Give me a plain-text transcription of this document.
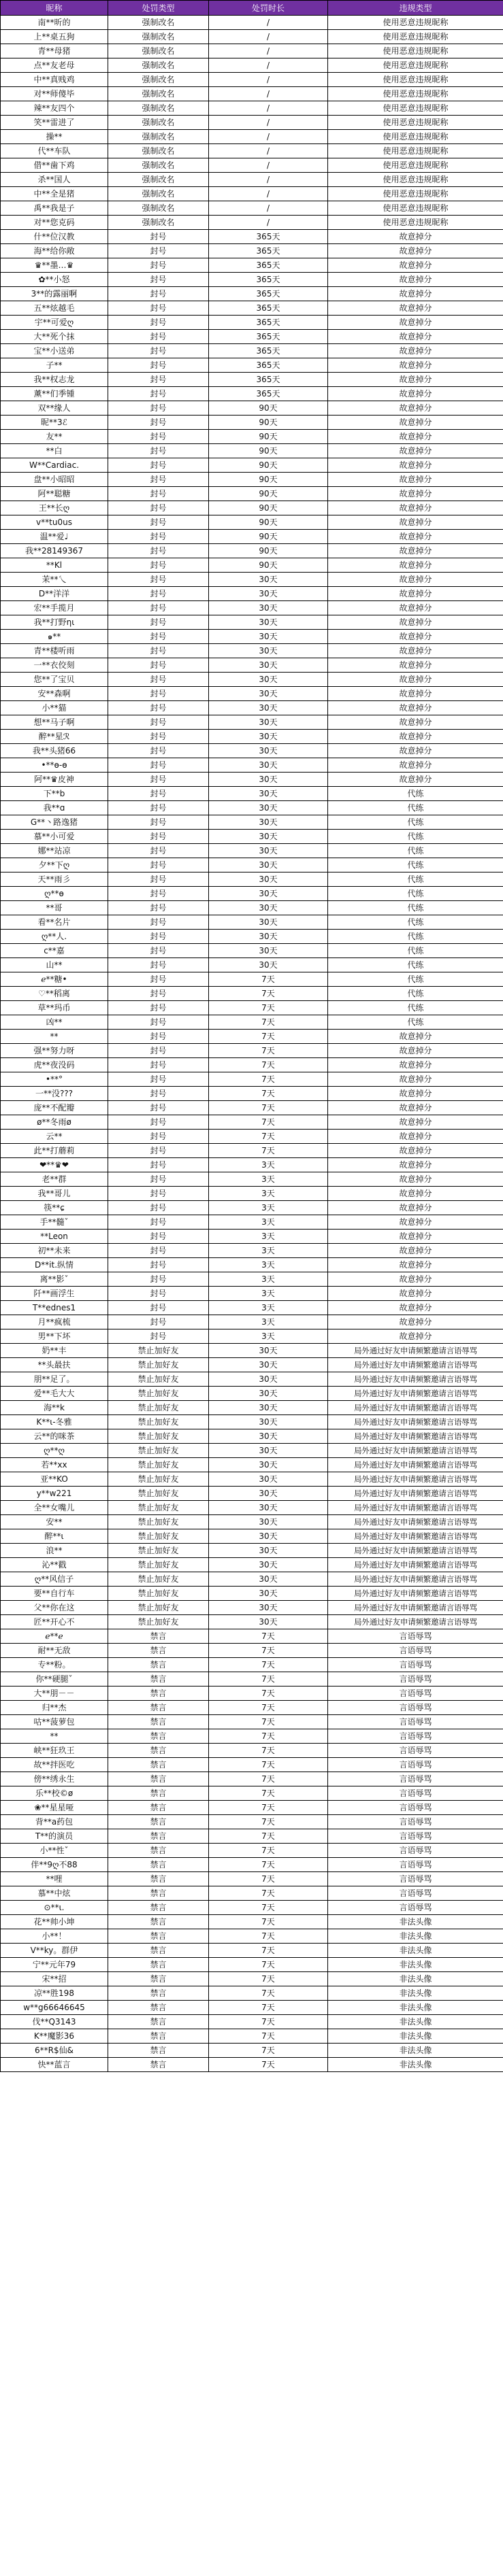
昵称	处罚类型	处罚时长	违规类型
南**昕的	强制改名	/	使用恶意违规昵称
上**桌五狗	强制改名	/	使用恶意违规昵称
青**母猪	强制改名	/	使用恶意违规昵称
点**友老母	强制改名	/	使用恶意违规昵称
中**真贱鸡	强制改名	/	使用恶意违规昵称
对**师傻毕	强制改名	/	使用恶意违规昵称
辣**友四个	强制改名	/	使用恶意违规昵称
笑**雷进了	强制改名	/	使用恶意违规昵称
操**	强制改名	/	使用恶意违规昵称
代**车队	强制改名	/	使用恶意违规昵称
借**歯下鸡	强制改名	/	使用恶意违规昵称
杀**国人	强制改名	/	使用恶意违规昵称
中**全是猪	强制改名	/	使用恶意违规昵称
禹**我是子	强制改名	/	使用恶意违规昵称
对**您克码	强制改名	/	使用恶意违规昵称
什**位汉教	封号	365天	故意掉分
海**给你敞	封号	365天	故意掉分
♛**墨…♛	封号	365天	故意掉分
✿**小怒	封号	365天	故意掉分
3**的露丽啊	封号	365天	故意掉分
五**炫越毛	封号	365天	故意掉分
宇**可爱ღ	封号	365天	故意掉分
大**死个抹	封号	365天	故意掉分
宝**小送弟	封号	365天	故意掉分
子**	封号	365天	故意掉分
我**权志龙	封号	365天	故意掉分
薰**们季锺	封号	365天	故意掉分
双**缘人	封号	90天	故意掉分
昵**3ℰ	封号	90天	故意掉分
友**	封号	90天	故意掉分
**白	封号	90天	故意掉分
W**Cardiac.	封号	90天	故意掉分
盘**小昭昭	封号	90天	故意掉分
阿**聪糖	封号	90天	故意掉分
王**长ღ	封号	90天	故意掉分
v**tu0us	封号	90天	故意掉分
温**爱♩	封号	90天	故意掉分
我**28149367	封号	90天	故意掉分
**Kl	封号	90天	故意掉分
茉**乀	封号	30天	故意掉分
D**洋洋	封号	30天	故意掉分
宏**手揽月	封号	30天	故意掉分
我**打野ηι	封号	30天	故意掉分
๑**	封号	30天	故意掉分
青**楼听雨	封号	30天	故意掉分
一**衣佼刻	封号	30天	故意掉分
您**了宝贝	封号	30天	故意掉分
安**森啊	封号	30天	故意掉分
小**猫	封号	30天	故意掉分
想**马子啊	封号	30天	故意掉分
醉**星ℛ	封号	30天	故意掉分
我**头猪66	封号	30天	故意掉分
•**ɵ-ɵ	封号	30天	故意掉分
阿**♛皮神	封号	30天	故意掉分
下**b	封号	30天	代练
我**ɑ	封号	30天	代练
G**丶路逸猪	封号	30天	代练
慕**小可爱	封号	30天	代练
娜**站凉	封号	30天	代练
夕**下ღ	封号	30天	代练
天**雨彡	封号	30天	代练
ღ**ɵ	封号	30天	代练
**哥	封号	30天	代练
看**名片	封号	30天	代练
ღ**人.	封号	30天	代练
c**嘉	封号	30天	代练
山**	封号	30天	代练
ℯ**糖•	封号	7天	代练
♡**稻离	封号	7天	代练
草**玛币	封号	7天	代练
凶**	封号	7天	代练
**	封号	7天	故意掉分
强**努力呀	封号	7天	故意掉分
虎**夜没码	封号	7天	故意掉分
•**°	封号	7天	故意掉分
一**没???	封号	7天	故意掉分
庞**不配瓣	封号	7天	故意掉分
ø**冬雨ø	封号	7天	故意掉分
云**	封号	7天	故意掉分
此**打蘑莉	封号	7天	故意掉分
❤**♛❤	封号	3天	故意掉分
老**群	封号	3天	故意掉分
我**哥儿	封号	3天	故意掉分
筷**ɕ	封号	3天	故意掉分
手**髓ˇ	封号	3天	故意掉分
**Leon	封号	3天	故意掉分
初**未来	封号	3天	故意掉分
D**it.纵情	封号	3天	故意掉分
离**影ˇ	封号	3天	故意掉分
阡**画浮生	封号	3天	故意掉分
T**ednes1	封号	3天	故意掉分
月**疯梳	封号	3天	故意掉分
男**下坏	封号	3天	故意掉分
奶**丰	禁止加好友	30天	局外通过好友申请频繁邀请言语辱骂
**头最扶	禁止加好友	30天	局外通过好友申请频繁邀请言语辱骂
朋**足了。	禁止加好友	30天	局外通过好友申请频繁邀请言语辱骂
爱**毛大大	禁止加好友	30天	局外通过好友申请频繁邀请言语辱骂
海**k	禁止加好友	30天	局外通过好友申请频繁邀请言语辱骂
K**ι-冬雅	禁止加好友	30天	局外通过好友申请频繁邀请言语辱骂
云**的咪茶	禁止加好友	30天	局外通过好友申请频繁邀请言语辱骂
ღ**ღ	禁止加好友	30天	局外通过好友申请频繁邀请言语辱骂
若**xx	禁止加好友	30天	局外通过好友申请频繁邀请言语辱骂
亚**KO	禁止加好友	30天	局外通过好友申请频繁邀请言语辱骂
y**w221	禁止加好友	30天	局外通过好友申请频繁邀请言语辱骂
全**女嘴儿	禁止加好友	30天	局外通过好友申请频繁邀请言语辱骂
安**	禁止加好友	30天	局外通过好友申请频繁邀请言语辱骂
醉**ι	禁止加好友	30天	局外通过好友申请频繁邀请言语辱骂
浪**	禁止加好友	30天	局外通过好友申请频繁邀请言语辱骂
沁**戳	禁止加好友	30天	局外通过好友申请频繁邀请言语辱骂
ღ**风信子	禁止加好友	30天	局外通过好友申请频繁邀请言语辱骂
要**自行车	禁止加好友	30天	局外通过好友申请频繁邀请言语辱骂
父**你在这	禁止加好友	30天	局外通过好友申请频繁邀请言语辱骂
匠**开心不	禁止加好友	30天	局外通过好友申请频繁邀请言语辱骂
ℯ**ℯ	禁言	7天	言语辱骂
耐**无敌	禁言	7天	言语辱骂
专**粉。	禁言	7天	言语辱骂
你**硬腿ˇ	禁言	7天	言语辱骂
大**朋－－	禁言	7天	言语辱骂
归**杰	禁言	7天	言语辱骂
咕**菠萝包	禁言	7天	言语辱骂
**	禁言	7天	言语辱骂
峡**狂玖王	禁言	7天	言语辱骂
故**拌医吃	禁言	7天	言语辱骂
傍**绣永生	禁言	7天	言语辱骂
乐**校©ø	禁言	7天	言语辱骂
❀**星星哑	禁言	7天	言语辱骂
背**a药包	禁言	7天	言语辱骂
T**的演员	禁言	7天	言语辱骂
小**性ˇ	禁言	7天	言语辱骂
伴**9ღ不88	禁言	7天	言语辱骂
**哩	禁言	7天	言语辱骂
慕**中炫	禁言	7天	言语辱骂
⊙**ι.	禁言	7天	言语辱骂
花**帅小坤	禁言	7天	非法头像
小**！	禁言	7天	非法头像
V**ky。群伊	禁言	7天	非法头像
宁**元年79	禁言	7天	非法头像
宋**招	禁言	7天	非法头像
凉**胜198	禁言	7天	非法头像
w**g66646645	禁言	7天	非法头像
伐**Q3143	禁言	7天	非法头像
K**魔影36	禁言	7天	非法头像
6**R$仙&	禁言	7天	非法头像
快**蓝言	禁言	7天	非法头像
